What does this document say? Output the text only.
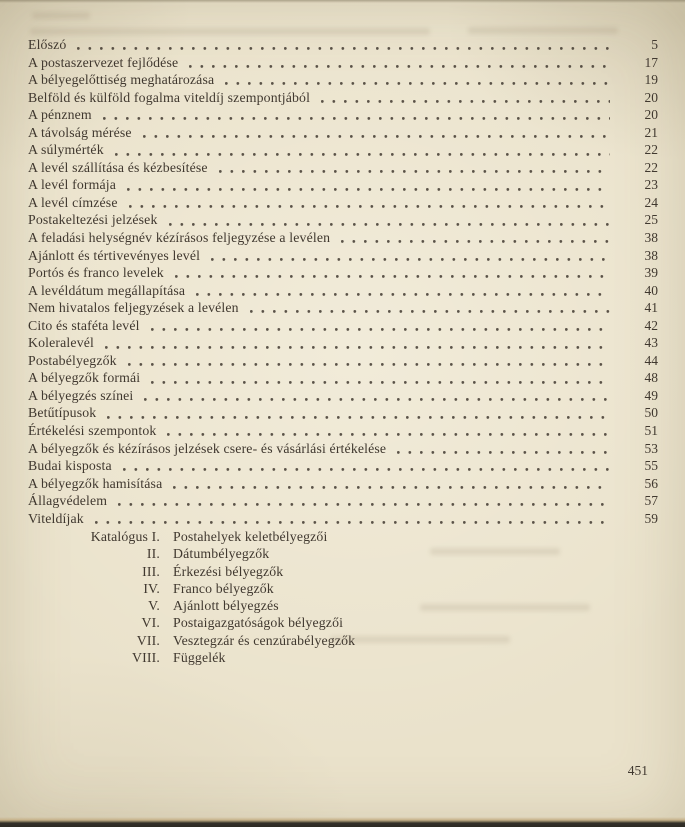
Előszó	5
A postaszervezet fejlődése	17
A bélyegelőttiség meghatározása	19
Belföld és külföld fogalma viteldíj szempontjából	20
A pénznem	20
A távolság mérése	21
A súlymérték	22
A levél szállítása és kézbesítése	22
A levél formája	23
A levél címzése	24
Postakeltezési jelzések	25
A feladási helységnév kézírásos feljegyzése a levélen	38
Ajánlott és tértivevényes levél	38
Portós és franco levelek	39
A levéldátum megállapítása	40
Nem hivatalos feljegyzések a levélen	41
Cito és staféta levél	42
Koleralevél	43
Postabélyegzők	44
A bélyegzők formái	48
A bélyegzés színei	49
Betűtípusok	50
Értékelési szempontok	51
A bélyegzők és kézírásos jelzések csere- és vásárlási értékelése	53
Budai kisposta	55
A bélyegzők hamisítása	56
Állagvédelem	57
Viteldíjak	59
Katalógus I. Postahelyek keletbélyegzői
II. Dátumbélyegzők
III. Érkezési bélyegzők
IV. Franco bélyegzők
V. Ajánlott bélyegzés
VI. Postaigazgatóságok bélyegzői
VII. Vesztegzár és cenzúrabélyegzők
VIII. Függelék
451
